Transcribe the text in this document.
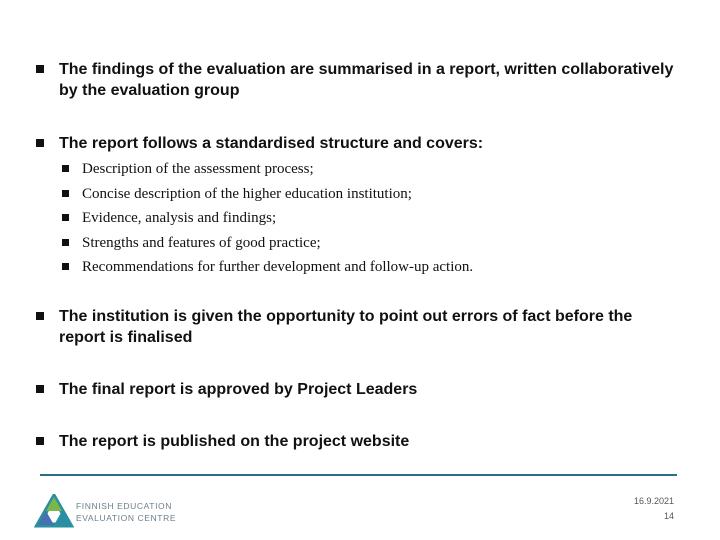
The findings of the evaluation are summarised in a report, written collaboratively by the evaluation group
The report follows a standardised structure and covers:
Description of the assessment process;
Concise description of the higher education institution;
Evidence, analysis and findings;
Strengths and features of good practice;
Recommendations for further development and follow-up action.
The institution is given the opportunity to point out errors of fact before the report is finalised
The final report is approved by Project Leaders
The report is published on the project website
FINNISH EDUCATION
EVALUATION CENTRE
16.9.2021
14
